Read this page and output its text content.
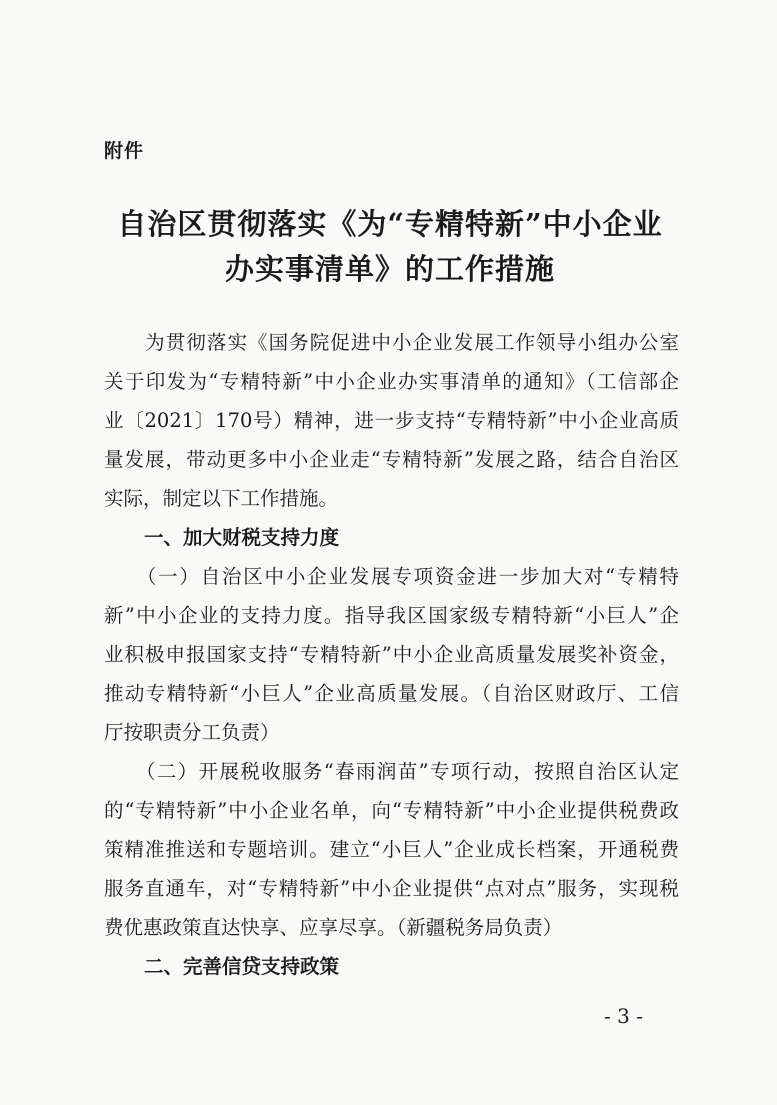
附件
自治区贯彻落实《为“专精特新”中小企业
办实事清单》的工作措施
　　为贯彻落实《国务院促进中小企业发展工作领导小组办公室
关于印发为“专精特新”中小企业办实事清单的通知》（工信部企
业〔2021〕170号）精神，进一步支持“专精特新”中小企业高质
量发展，带动更多中小企业走“专精特新”发展之路，结合自治区
实际，制定以下工作措施。
一、加大财税支持力度
　　（一）自治区中小企业发展专项资金进一步加大对“专精特
新”中小企业的支持力度。指导我区国家级专精特新“小巨人”企
业积极申报国家支持“专精特新”中小企业高质量发展奖补资金，
推动专精特新“小巨人”企业高质量发展。（自治区财政厅、工信
厅按职责分工负责）
　　（二）开展税收服务“春雨润苗”专项行动，按照自治区认定
的“专精特新”中小企业名单，向“专精特新”中小企业提供税费政
策精准推送和专题培训。建立“小巨人”企业成长档案，开通税费
服务直通车，对“专精特新”中小企业提供“点对点”服务，实现税
费优惠政策直达快享、应享尽享。（新疆税务局负责）
二、完善信贷支持政策
- 3 -
